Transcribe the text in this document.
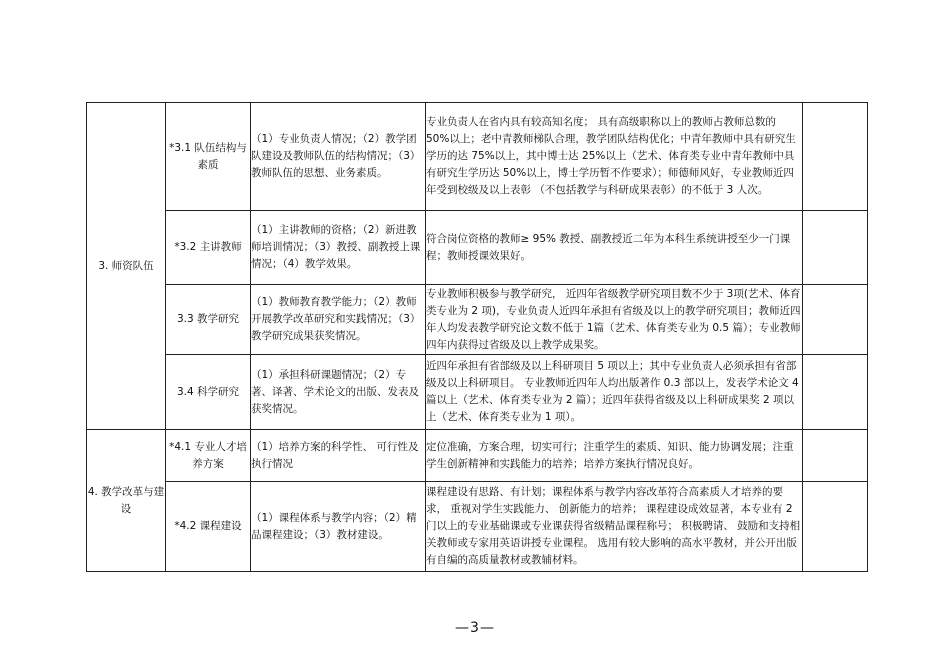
3. 师资队伍	*3.1 队伍结构与素质	（1）专业负责人情况；（2）教学团队建设及教师队伍的结构情况；（3）教师队伍的思想、业务素质。	专业负责人在省内具有较高知名度； 具有高级职称以上的教师占教师总数的 50%以上；老中青教师梯队合理，教学团队结构优化；中青年教师中具有研究生学历的达 75%以上，其中博士达 25%以上（艺术、体育类专业中青年教师中具有研究生学历达 50%以上，博士学历暂不作要求）；师德师风好，专业教师近四年受到校级及以上表彰 （不包括教学与科研成果表彰）的不低于 3 人次。	
	*3.2 主讲教师	（1）主讲教师的资格；（2）新进教师培训情况；（3）教授、副教授上课情况；（4）教学效果。	符合岗位资格的教师≥ 95% 教授、副教授近二年为本科生系统讲授至少一门课程；教师授课效果好。	
	3.3 教学研究	（1）教师教育教学能力；（2）教师开展教学改革研究和实践情况；（3）教学研究成果获奖情况。	专业教师积极参与教学研究， 近四年省级教学研究项目数不少于 3项(艺术、体育类专业为 2 项)，专业负责人近四年承担有省级及以上的教学研究项目；教师近四年人均发表教学研究论文数不低于 1篇（艺术、体育类专业为 0.5 篇）；专业教师四年内获得过省级及以上教学成果奖。	
	3.4 科学研究	（1）承担科研课题情况；（2）专著、译著、学术论文的出版、发表及获奖情况。	近四年承担有省部级及以上科研项目 5 项以上；其中专业负责人必须承担有省部级及以上科研项目。 专业教师近四年人均出版著作 0.3 部以上，发表学术论文 4 篇以上（艺术、体育类专业为 2 篇）；近四年获得省级及以上科研成果奖 2 项以上（艺术、体育类专业为 1 项）。	
4. 教学改革与建设	*4.1 专业人才培养方案	（1）培养方案的科学性、 可行性及执行情况	定位准确，方案合理，切实可行；注重学生的素质、知识、能力协调发展；注重学生创新精神和实践能力的培养；培养方案执行情况良好。	
	*4.2 课程建设	（1）课程体系与教学内容；（2）精品课程建设；（3）教材建设。	课程建设有思路、有计划；课程体系与教学内容改革符合高素质人才培养的要求， 重视对学生实践能力、 创新能力的培养； 课程建设成效显著，本专业有 2 门以上的专业基础课或专业课获得省级精品课程称号； 积极聘请、 鼓励和支持相关教师或专家用英语讲授专业课程。 选用有较大影响的高水平教材，并公开出版有自编的高质量教材或教辅材料。	
—3—
